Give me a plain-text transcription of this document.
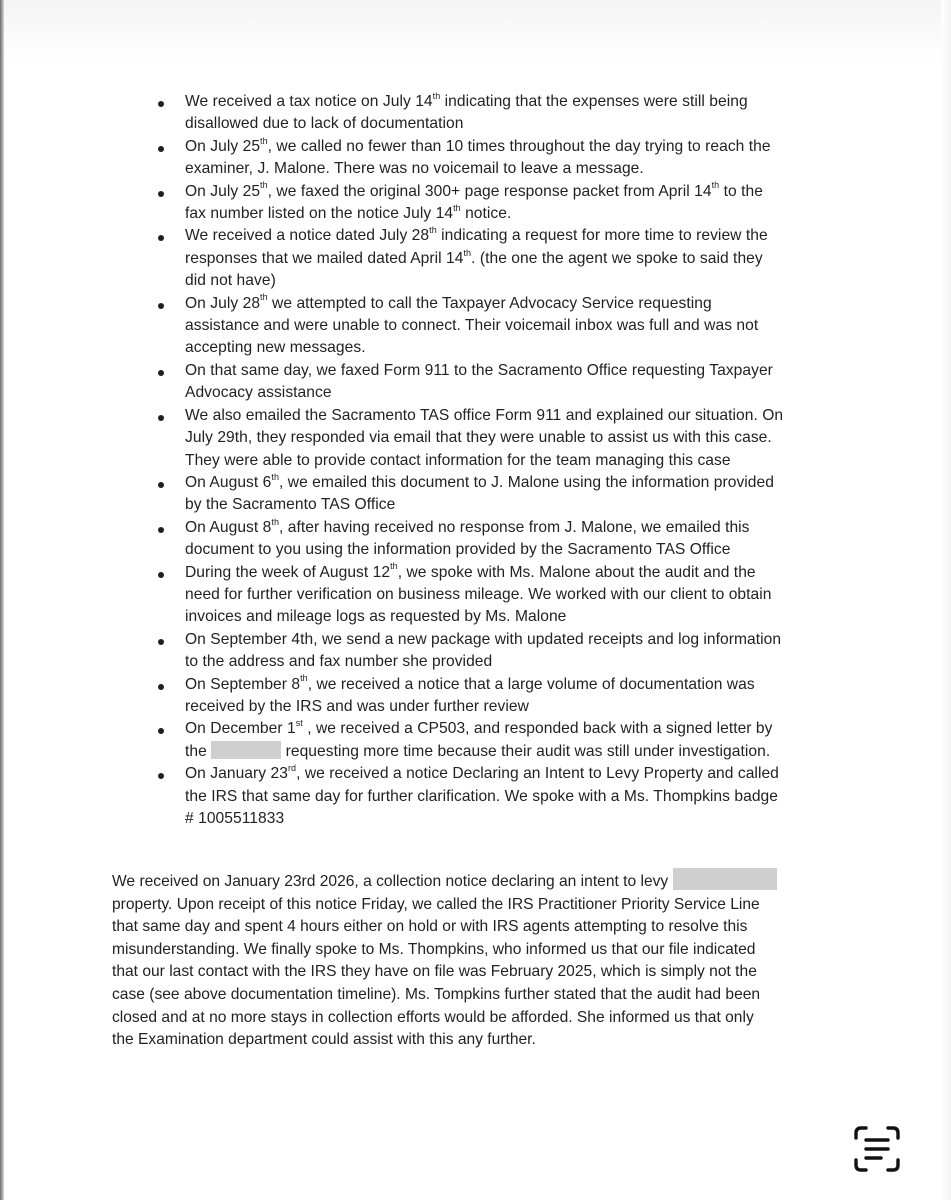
We received a tax notice on July 14th indicating that the expenses were still being
disallowed due to lack of documentation
On July 25th, we called no fewer than 10 times throughout the day trying to reach the
examiner, J. Malone. There was no voicemail to leave a message.
On July 25th, we faxed the original 300+ page response packet from April 14th to the
fax number listed on the notice July 14th notice.
We received a notice dated July 28th indicating a request for more time to review the
responses that we mailed dated April 14th. (the one the agent we spoke to said they
did not have)
On July 28th we attempted to call the Taxpayer Advocacy Service requesting
assistance and were unable to connect. Their voicemail inbox was full and was not
accepting new messages.
On that same day, we faxed Form 911 to the Sacramento Office requesting Taxpayer
Advocacy assistance
We also emailed the Sacramento TAS office Form 911 and explained our situation. On
July 29th, they responded via email that they were unable to assist us with this case.
They were able to provide contact information for the team managing this case
On August 6th, we emailed this document to J. Malone using the information provided
by the Sacramento TAS Office
On August 8th, after having received no response from J. Malone, we emailed this
document to you using the information provided by the Sacramento TAS Office
During the week of August 12th, we spoke with Ms. Malone about the audit and the
need for further verification on business mileage. We worked with our client to obtain
invoices and mileage logs as requested by Ms. Malone
On September 4th, we send a new package with updated receipts and log information
to the address and fax number she provided
On September 8th, we received a notice that a large volume of documentation was
received by the IRS and was under further review
On December 1st , we received a CP503, and responded back with a signed letter by
the	requesting more time because their audit was still under investigation.
On January 23rd, we received a notice Declaring an Intent to Levy Property and called
the IRS that same day for further clarification. We spoke with a Ms. Thompkins badge
# 1005511833

We received on January 23rd 2026, a collection notice declaring an intent to levy
property. Upon receipt of this notice Friday, we called the IRS Practitioner Priority Service Line
that same day and spent 4 hours either on hold or with IRS agents attempting to resolve this
misunderstanding. We finally spoke to Ms. Thompkins, who informed us that our file indicated
that our last contact with the IRS they have on file was February 2025, which is simply not the
case (see above documentation timeline). Ms. Tompkins further stated that the audit had been
closed and at no more stays in collection efforts would be afforded. She informed us that only
the Examination department could assist with this any further.
